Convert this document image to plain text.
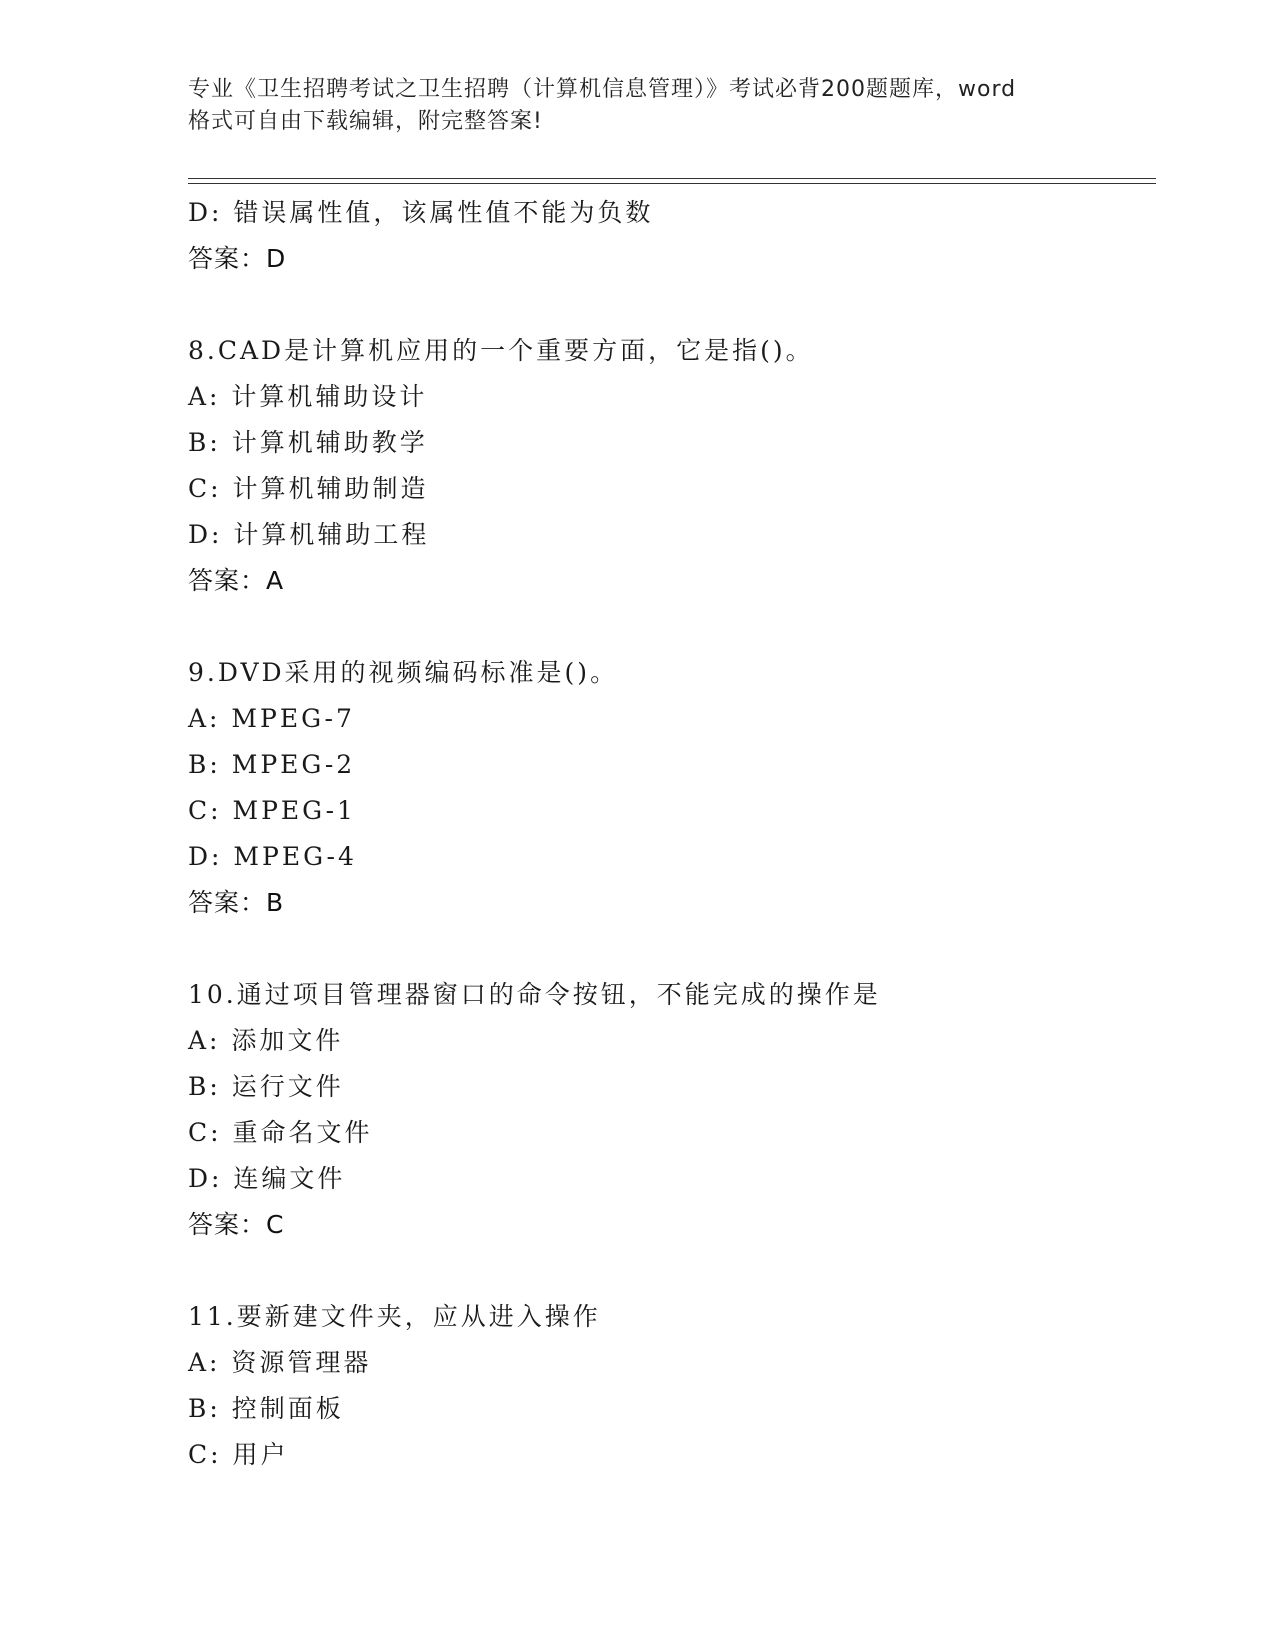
专业《卫生招聘考试之卫生招聘（计算机信息管理）》考试必背200题题库，word

格式可自由下载编辑，附完整答案!

D: 错误属性值，该属性值不能为负数
答案：D
8.CAD是计算机应用的一个重要方面，它是指()。
A: 计算机辅助设计
B: 计算机辅助教学
C: 计算机辅助制造
D: 计算机辅助工程
答案：A
9.DVD采用的视频编码标准是()。
A: MPEG-7
B: MPEG-2
C: MPEG-1
D: MPEG-4
答案：B
10.通过项目管理器窗口的命令按钮，不能完成的操作是
A: 添加文件
B: 运行文件
C: 重命名文件
D: 连编文件
答案：C
11.要新建文件夹，应从进入操作
A: 资源管理器
B: 控制面板
C: 用户
